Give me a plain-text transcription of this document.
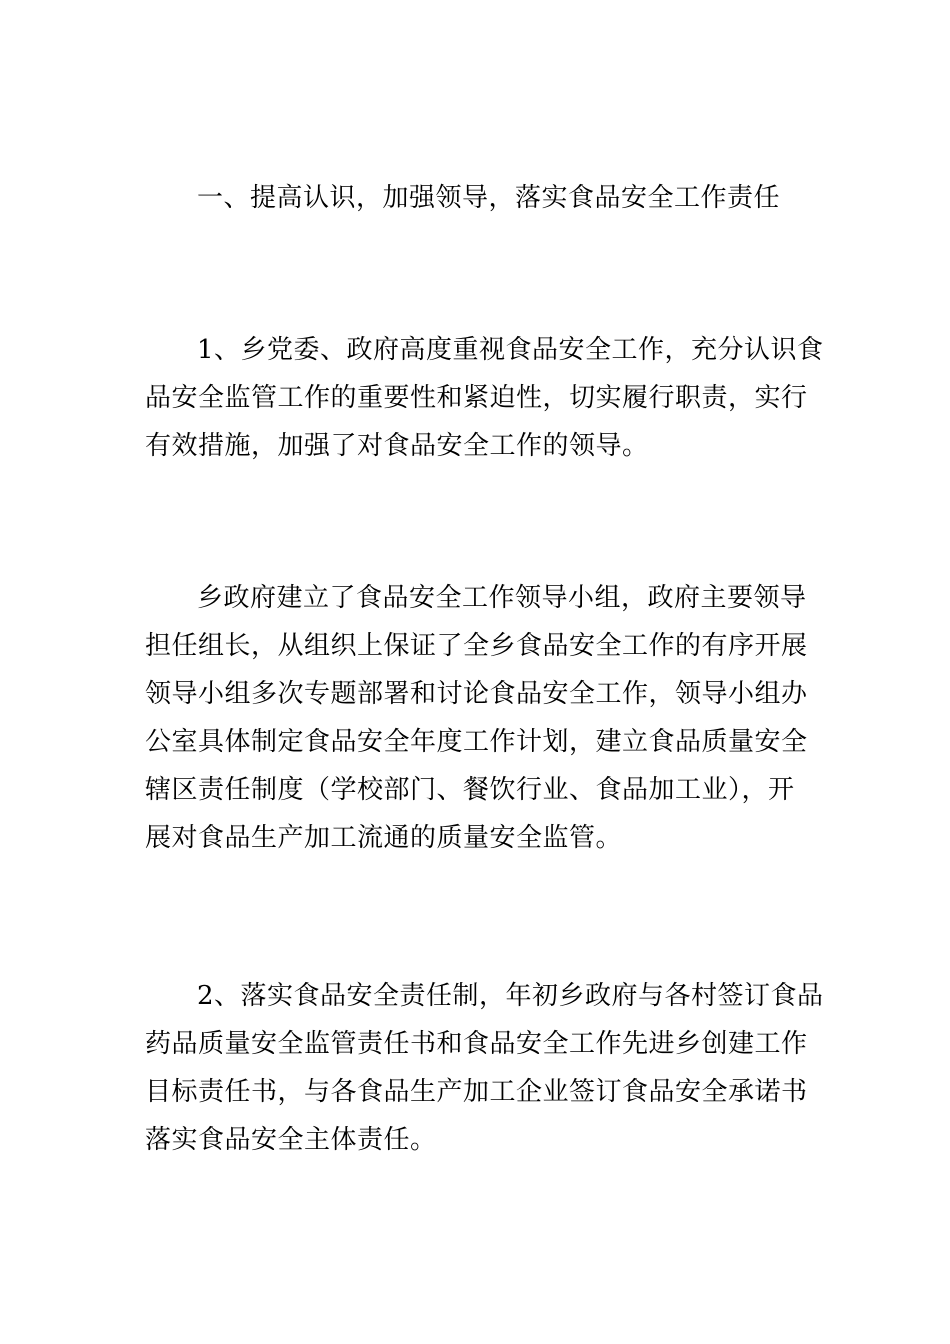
一、提高认识，加强领导，落实食品安全工作责任
1、乡党委、政府高度重视食品安全工作，充分认识食
品安全监管工作的重要性和紧迫性，切实履行职责，实行
有效措施，加强了对食品安全工作的领导。
乡政府建立了食品安全工作领导小组，政府主要领导
担任组长，从组织上保证了全乡食品安全工作的有序开展
领导小组多次专题部署和讨论食品安全工作，领导小组办
公室具体制定食品安全年度工作计划，建立食品质量安全
辖区责任制度（学校部门、餐饮行业、食品加工业），开
展对食品生产加工流通的质量安全监管。
2、落实食品安全责任制，年初乡政府与各村签订食品
药品质量安全监管责任书和食品安全工作先进乡创建工作
目标责任书，与各食品生产加工企业签订食品安全承诺书
落实食品安全主体责任。
